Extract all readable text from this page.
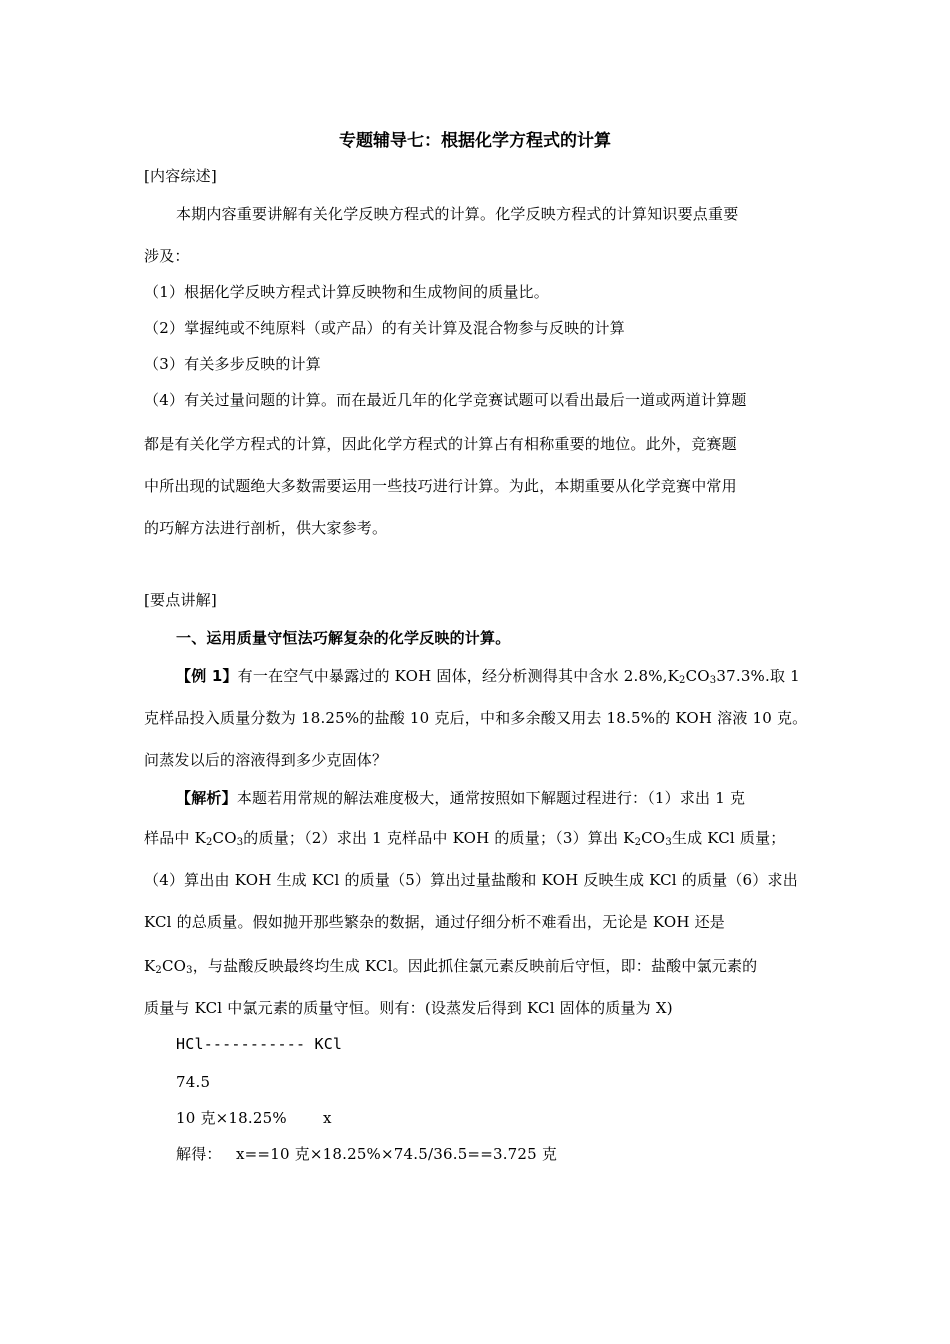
专题辅导七：根据化学方程式的计算
[内容综述]
本期内容重要讲解有关化学反映方程式的计算。化学反映方程式的计算知识要点重要
涉及：
（1）根据化学反映方程式计算反映物和生成物间的质量比。
（2）掌握纯或不纯原料（或产品）的有关计算及混合物参与反映的计算
（3）有关多步反映的计算
（4）有关过量问题的计算。而在最近几年的化学竞赛试题可以看出最后一道或两道计算题
都是有关化学方程式的计算，因此化学方程式的计算占有相称重要的地位。此外，竞赛题
中所出现的试题绝大多数需要运用一些技巧进行计算。为此，本期重要从化学竞赛中常用
的巧解方法进行剖析，供大家参考。
[要点讲解]
一、运用质量守恒法巧解复杂的化学反映的计算。
【例 1】有一在空气中暴露过的 KOH 固体，经分析测得其中含水 $2.8\%,K_2CO_337.3\%$.取 1
克样品投入质量分数为 18.25%的盐酸 10 克后，中和多余酸又用去 18.5%的 KOH 溶液 10 克。
问蒸发以后的溶液得到多少克固体？
【解析】本题若用常规的解法难度极大，通常按照如下解题过程进行：（1）求出 1 克
样品中 $K_2CO_3$的质量；（2）求出 1 克样品中 KOH 的质量；（3）算出 $K_2CO_3$生成 KCl 质量；
（4）算出由 KOH 生成 KCl 的质量（5）算出过量盐酸和 KOH 反映生成 KCl 的质量（6）求出
KCl 的总质量。假如抛开那些繁杂的数据，通过仔细分析不难看出，无论是 KOH 还是
$K_2CO_3$，与盐酸反映最终均生成 KCl。因此抓住氯元素反映前后守恒，即：盐酸中氯元素的
质量与 KCl 中氯元素的质量守恒。则有：(设蒸发后得到 KCl 固体的质量为 X)
HCl----------- KCl
74.5
10 克×18.25% x
解得： x==10 克×18.25%×74.5/36.5==3.725 克
